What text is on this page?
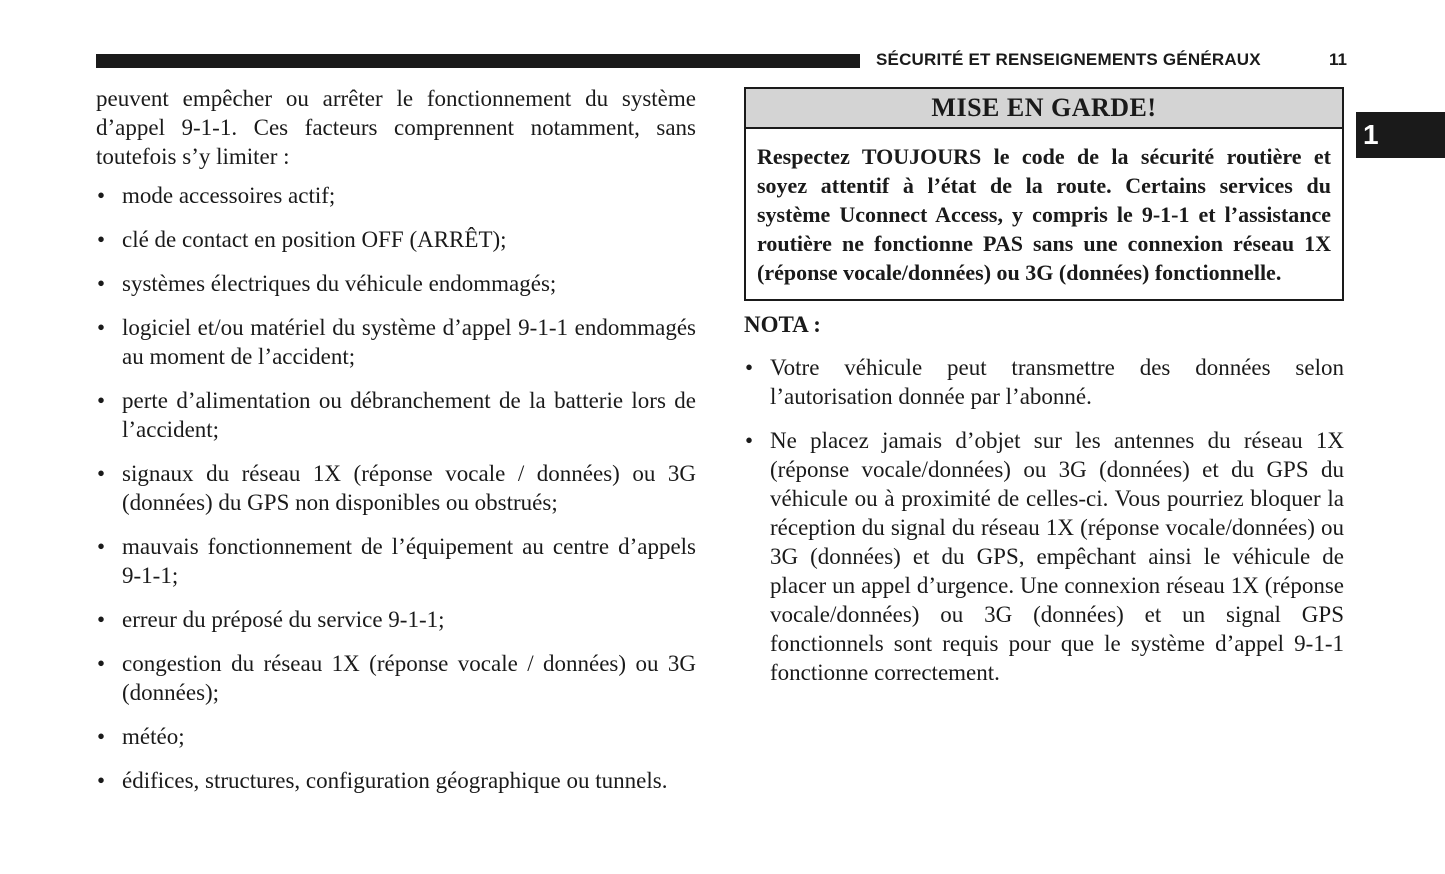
SÉCURITÉ ET RENSEIGNEMENTS GÉNÉRAUX	11
1

peuvent empêcher ou arrêter le fonctionnement du système d’appel 9-1-1. Ces facteurs comprennent notamment, sans toutefois s’y limiter :

• mode accessoires actif;
• clé de contact en position OFF (ARRÊT);
• systèmes électriques du véhicule endommagés;
• logiciel et/ou matériel du système d’appel 9-1-1 endommagés au moment de l’accident;
• perte d’alimentation ou débranchement de la batterie lors de l’accident;
• signaux du réseau 1X (réponse vocale / données) ou 3G (données) du GPS non disponibles ou obstrués;
• mauvais fonctionnement de l’équipement au centre d’appels 9-1-1;
• erreur du préposé du service 9-1-1;
• congestion du réseau 1X (réponse vocale / données) ou 3G (données);
• météo;
• édifices, structures, configuration géographique ou tunnels.
MISE EN GARDE!
Respectez TOUJOURS le code de la sécurité routière et soyez attentif à l’état de la route. Certains services du système Uconnect Access, y compris le 9-1-1 et l’assistance routière ne fonctionne PAS sans une connexion réseau 1X (réponse vocale/données) ou 3G (données) fonctionnelle.
NOTA :
• Votre véhicule peut transmettre des données selon l’autorisation donnée par l’abonné.
• Ne placez jamais d’objet sur les antennes du réseau 1X (réponse vocale/données) ou 3G (données) et du GPS du véhicule ou à proximité de celles-ci. Vous pourriez bloquer la réception du signal du réseau 1X (réponse vocale/données) ou 3G (données) et du GPS, empêchant ainsi le véhicule de placer un appel d’urgence. Une connexion réseau 1X (réponse vocale/données) ou 3G (données) et un signal GPS fonctionnels sont requis pour que le système d’appel 9-1-1 fonctionne correctement.
